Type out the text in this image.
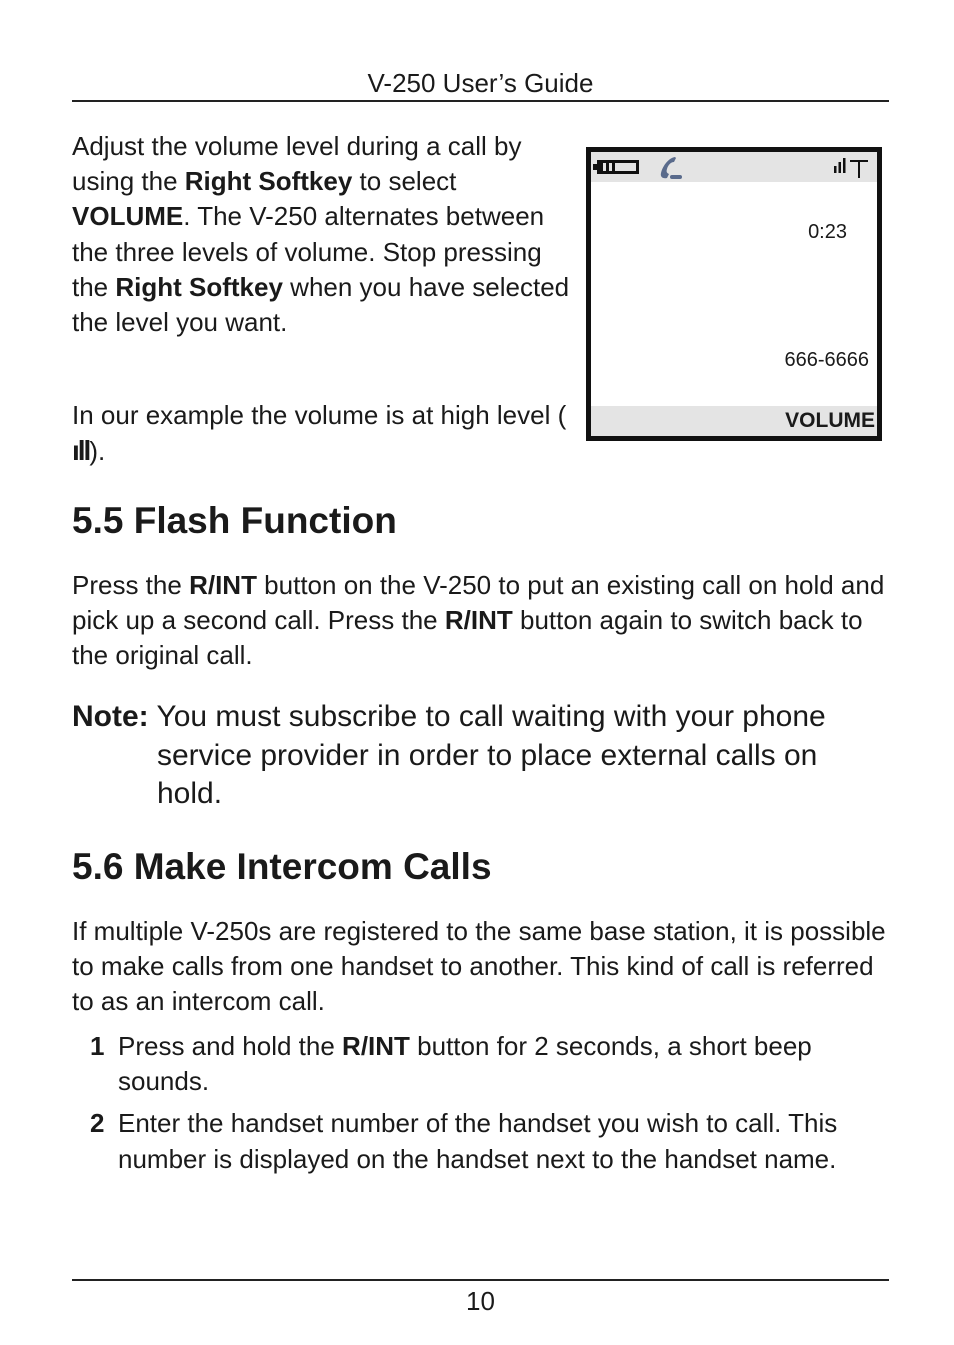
V-250 User’s Guide

Adjust the volume level during a call by using the Right Softkey to select VOLUME. The V-250 alternates between the three levels of volume. Stop pressing the Right Softkey when you have selected the level you want.

In our example the volume is at high level (ıll).

0:23
666-6666
VOLUME
5.5 Flash Function

Press the R/INT button on the V-250 to put an existing call on hold and pick up a second call. Press the R/INT button again to switch back to the original call.

Note: You must subscribe to call waiting with your phone service provider in order to place external calls on hold.

5.6 Make Intercom Calls

If multiple V-250s are registered to the same base station, it is possible to make calls from one handset to another. This kind of call is referred to as an intercom call.

1 Press and hold the R/INT button for 2 seconds, a short beep sounds.
2 Enter the handset number of the handset you wish to call. This number is displayed on the handset next to the handset name.
10
